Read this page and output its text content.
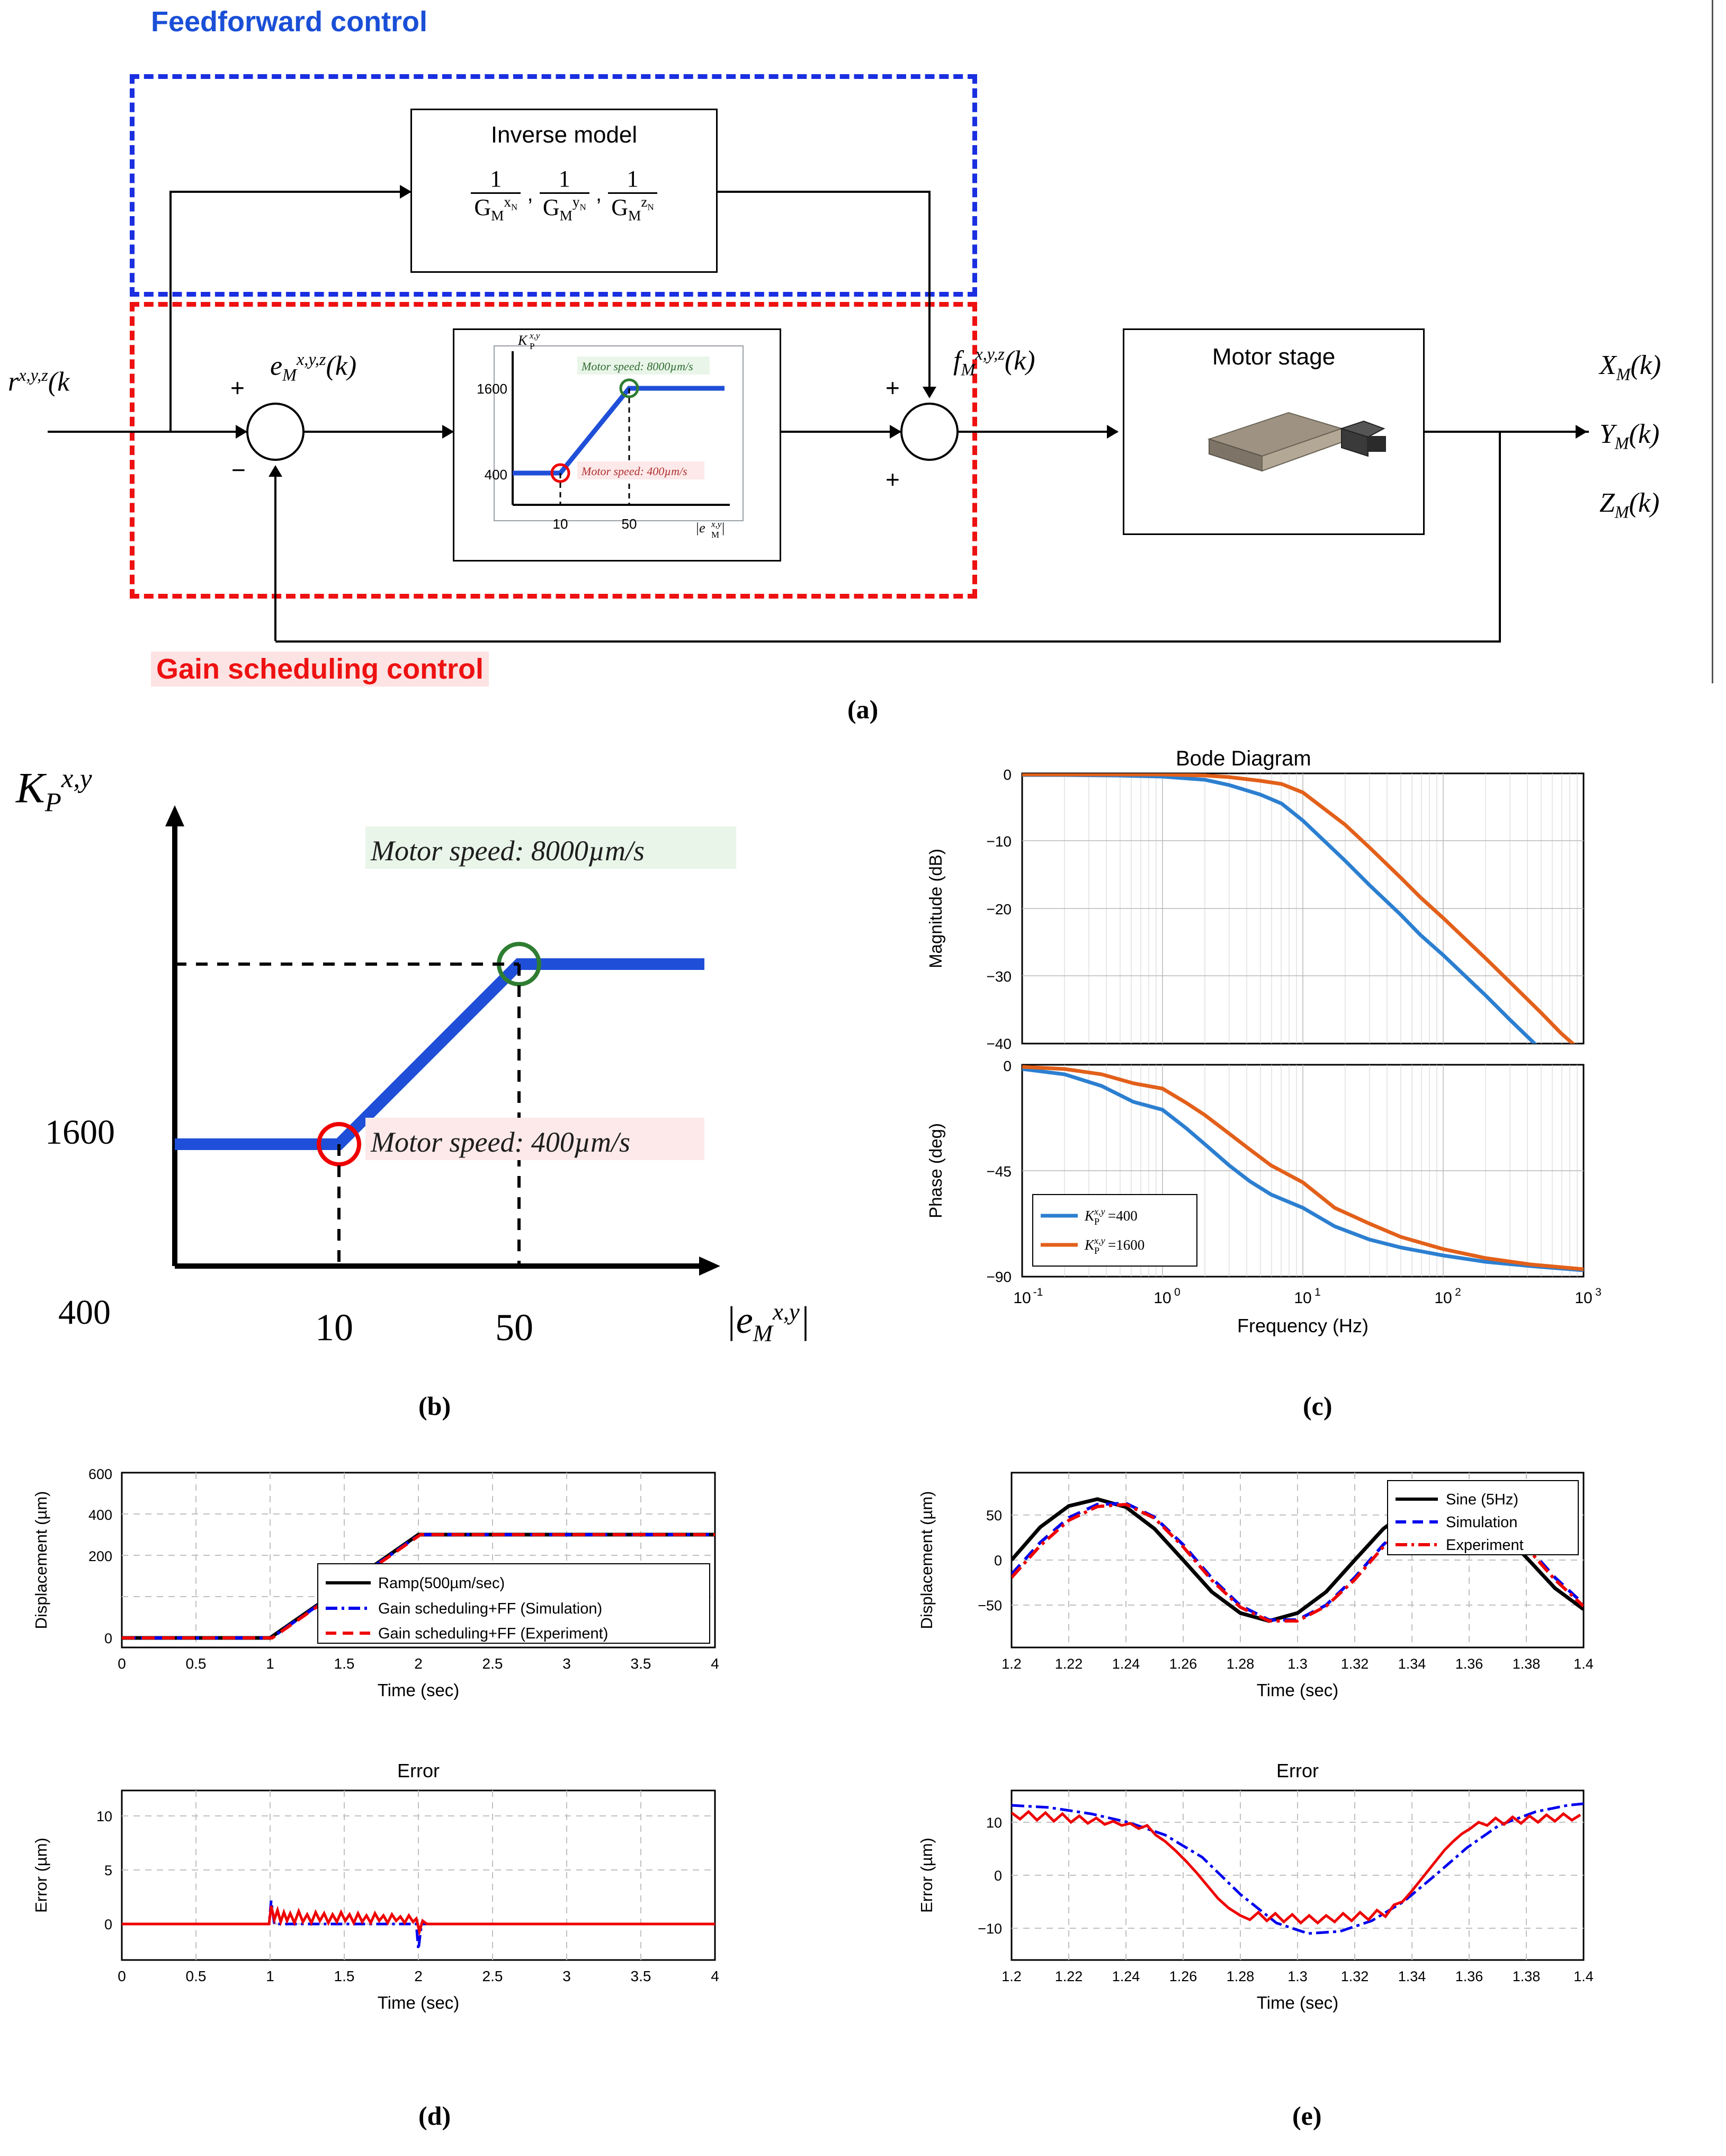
Feedforward control
Gain scheduling control
Inverse model
$\frac{1}{G_M^{x_N}}$ , $\frac{1}{G_M^{y_N}}$ , $\frac{1}{G_M^{z_N}}$
1600
400
10	50
Motor speed: 8000µm/s
Motor speed: 400µm/s
K P
x,y
|e M
x,y |
Motor stage
+
−
+
+
$r^{x,y,z}(k$
$e_M^{x,y,z}(k)$	$f_M^{x,y,z}(k)$	$X_M(k)$
$Y_M(k)$
$Z_M(k)$
(a)
$K_P^{x,y}$
1600
400	10	50	$|e_M^{x,y}|$
Motor speed: 8000µm/s
Motor speed: 400µm/s
(b)
Bode Diagram
0
−10
−20
−30
−40
Magnitude (dB)
0
−45
−90
Phase (deg)
10 -1	10 0	10 1	10 2	10 3
Frequency (Hz)
K P
x,y =400
K P
x,y =1600
(c)
600
400
200
0
Displacement (µm)
0	0.5	1	1.5	2	2.5	3	3.5	4
Time (sec)
Ramp(500µm/sec)
Gain scheduling+FF (Simulation)
Gain scheduling+FF (Experiment)
Error
10
5
0
Error (µm)
0	0.5	1	1.5	2	2.5	3	3.5	4
Time (sec)
(d)
50
0
−50
Displacement (µm)
1.2 1.22 1.24 1.26 1.28 1.3 1.32 1.34 1.36 1.38 1.4
Time (sec)
Sine (5Hz)
Simulation
Experiment
Error
10
0
−10
Error (µm)
1.2 1.22 1.24 1.26 1.28 1.3 1.32 1.34 1.36 1.38 1.4
Time (sec)
(e)
